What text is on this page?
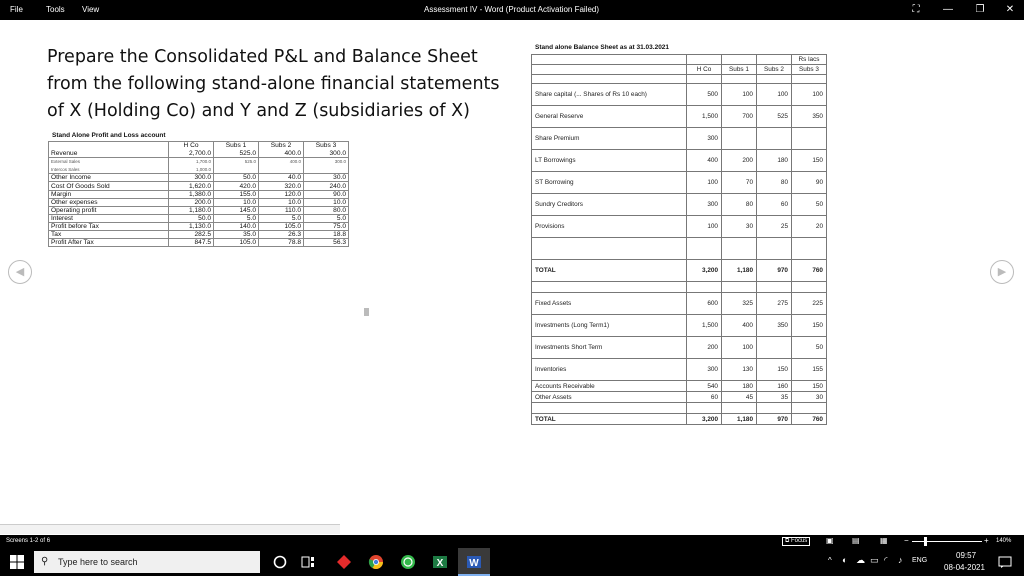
File	Tools View	Assessment IV - Word (Product Activation Failed)	⛶	—	❐	✕
Prepare the Consolidated P&L and Balance Sheet from the following stand-alone financial statements of X (Holding Co) and Y and Z (subsidiaries of X)
◀	▶
Stand Alone Profit and Loss account
	H Co	Subs 1	Subs 2	Subs 3
Revenue	2,700.0	525.0	400.0	300.0
External Sales	1,700.0	525.0	400.0	300.0
Intercos Sales	1,000.0			
Other Income	300.0	50.0	40.0	30.0
Cost Of Goods Sold	1,620.0	420.0	320.0	240.0
Margin	1,380.0	155.0	120.0	90.0
Other expenses	200.0	10.0	10.0	10.0
Operating profit	1,180.0	145.0	110.0	80.0
Interest	50.0	5.0	5.0	5.0
Profit before Tax	1,130.0	140.0	105.0	75.0
Tax	282.5	35.0	26.3	18.8
Profit After Tax	847.5	105.0	78.8	56.3
Stand alone Balance Sheet as at 31.03.2021
				Rs lacs
	H Co	Subs 1	Subs 2	Subs 3

Share capital (... Shares of Rs 10 each)	500	100	100	100
General Reserve	1,500	700	525	350
Share Premium	300			
LT Borrowings	400	200	180	150
ST Borrowing	100	70	80	90
Sundry Creditors	300	80	60	50
Provisions	100	30	25	20

TOTAL	3,200	1,180	970	760

Fixed Assets	600	325	275	225
Investments (Long Term1)	1,500	400	350	150
Investments Short Term	200	100		50
Inventories	300	130	150	155
Accounts Receivable	540	180	160	150
Other Assets	60	45	35	30

TOTAL	3,200	1,180	970	760
Screens 1-2 of 6	⧉ Focus	▣ ▤	▦ −	+ 140%
⚲ Type here to search	X	W	^ ◐ ☁ ▭ ◜ ♪ ENG
09:57
08-04-2021
